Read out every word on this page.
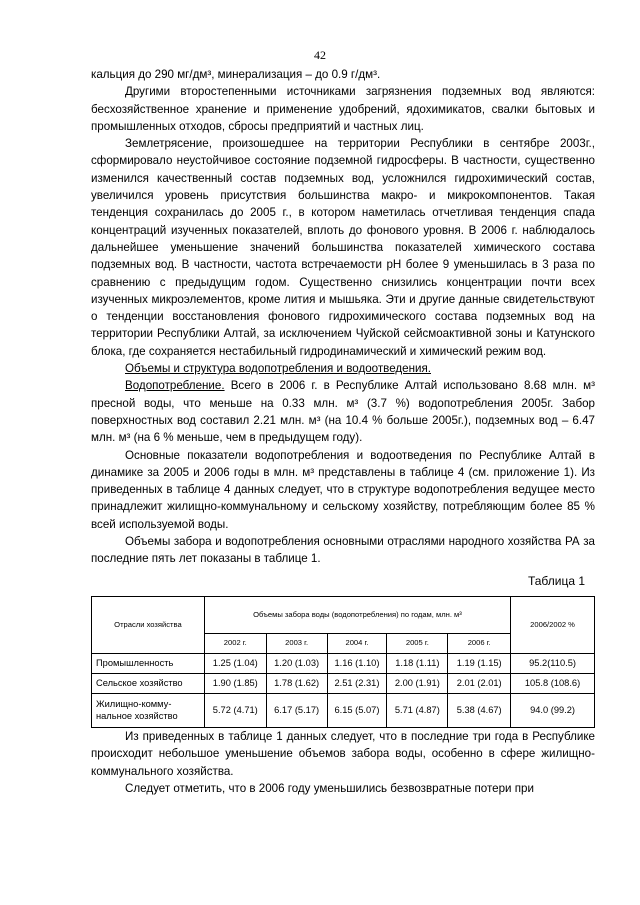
42

кальция до 290 мг/дм³, минерализация – до 0.9 г/дм³.

Другими второстепенными источниками загрязнения подземных вод являются: бесхозяйственное хранение и применение удобрений, ядохимикатов, свалки бытовых и промышленных отходов, сбросы предприятий и частных лиц.

Землетрясение, произошедшее на территории Республики в сентябре 2003г., сформировало неустойчивое состояние подземной гидросферы. В частности, существенно изменился качественный состав подземных вод, усложнился гидрохимический состав, увеличился уровень присутствия большинства макро- и микрокомпонентов. Такая тенденция сохранилась до 2005 г., в котором наметилась отчетливая тенденция спада концентраций изученных показателей, вплоть до фонового уровня. В 2006 г. наблюдалось дальнейшее уменьшение значений большинства показателей химического состава подземных вод. В частности, частота встречаемости pH более 9 уменьшилась в 3 раза по сравнению с предыдущим годом. Существенно снизились концентрации почти всех изученных микроэлементов, кроме лития и мышьяка. Эти и другие данные свидетельствуют о тенденции восстановления фонового гидрохимического состава подземных вод на территории Республики Алтай, за исключением Чуйской сейсмоактивной зоны и Катунского блока, где сохраняется нестабильный гидродинамический и химический режим вод.

Объемы и структура водопотребления и водоотведения.

Водопотребление. Всего в 2006 г. в Республике Алтай использовано 8.68 млн. м³ пресной воды, что меньше на 0.33 млн. м³ (3.7 %) водопотребления 2005г. Забор поверхностных вод составил 2.21 млн. м³ (на 10.4 % больше 2005г.), подземных вод – 6.47 млн. м³ (на 6 % меньше, чем в предыдущем году).

Основные показатели водопотребления и водоотведения по Республике Алтай в динамике за 2005 и 2006 годы в млн. м³ представлены в таблице 4 (см. приложение 1). Из приведенных в таблице 4 данных следует, что в структуре водопотребления ведущее место принадлежит жилищно-коммунальному и сельскому хозяйству, потребляющим более 85 % всей используемой воды.

Объемы забора и водопотребления основными отраслями народного хозяйства РА за последние пять лет показаны в таблице 1.

Таблица 1
Отрасли хозяйства	Объемы забора воды (водопотребления) по годам, млн. м³					2006/2002 %
	2002 г.	2003 г.	2004 г.	2005 г.	2006 г.	
Промышленность	1.25 (1.04)	1.20 (1.03)	1.16 (1.10)	1.18 (1.11)	1.19 (1.15)	95.2(110.5)
Сельское хозяйство	1.90 (1.85)	1.78 (1.62)	2.51 (2.31)	2.00 (1.91)	2.01 (2.01)	105.8 (108.6)
Жилищно-комму-нальное хозяйство	5.72 (4.71)	6.17 (5.17)	6.15 (5.07)	5.71 (4.87)	5.38 (4.67)	94.0 (99.2)

Из приведенных в таблице 1 данных следует, что в последние три года в Республике происходит небольшое уменьшение объемов забора воды, особенно в сфере жилищно-коммунального хозяйства.

Следует отметить, что в 2006 году уменьшились безвозвратные потери при
